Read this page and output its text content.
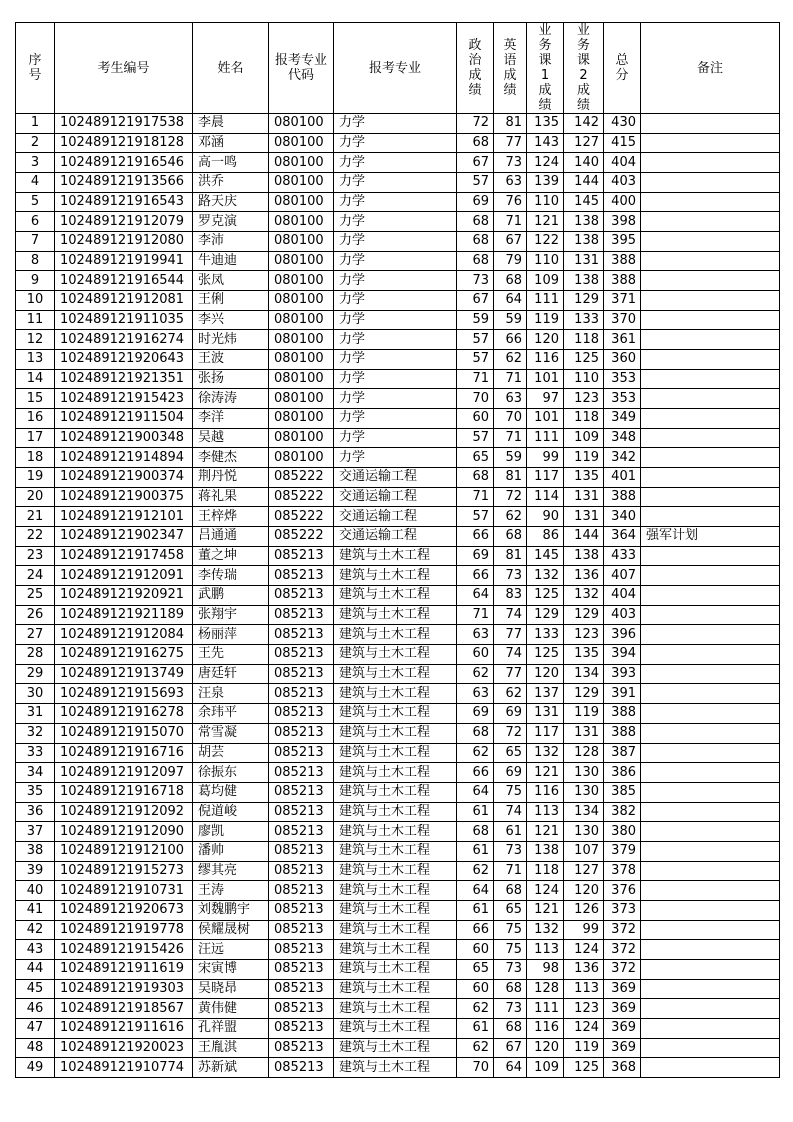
序号	考生编号	姓名	报考专业代码	报考专业	政治成绩	英语成绩	业务课1成绩	业务课2成绩	总分	备注
1	102489121917538	李晨	080100	力学	72	81	135	142	430	
2	102489121918128	邓涵	080100	力学	68	77	143	127	415	
3	102489121916546	高一鸣	080100	力学	67	73	124	140	404	
4	102489121913566	洪乔	080100	力学	57	63	139	144	403	
5	102489121916543	路天庆	080100	力学	69	76	110	145	400	
6	102489121912079	罗克演	080100	力学	68	71	121	138	398	
7	102489121912080	李沛	080100	力学	68	67	122	138	395	
8	102489121919941	牛迪迪	080100	力学	68	79	110	131	388	
9	102489121916544	张凤	080100	力学	73	68	109	138	388	
10	102489121912081	王俐	080100	力学	67	64	111	129	371	
11	102489121911035	李兴	080100	力学	59	59	119	133	370	
12	102489121916274	时光炜	080100	力学	57	66	120	118	361	
13	102489121920643	王波	080100	力学	57	62	116	125	360	
14	102489121921351	张扬	080100	力学	71	71	101	110	353	
15	102489121915423	徐涛涛	080100	力学	70	63	97	123	353	
16	102489121911504	李洋	080100	力学	60	70	101	118	349	
17	102489121900348	吴越	080100	力学	57	71	111	109	348	
18	102489121914894	李健杰	080100	力学	65	59	99	119	342	
19	102489121900374	荆丹悦	085222	交通运输工程	68	81	117	135	401	
20	102489121900375	蒋礼果	085222	交通运输工程	71	72	114	131	388	
21	102489121912101	王梓烨	085222	交通运输工程	57	62	90	131	340	
22	102489121902347	吕通通	085222	交通运输工程	66	68	86	144	364	强军计划
23	102489121917458	董之坤	085213	建筑与土木工程	69	81	145	138	433	
24	102489121912091	李传瑞	085213	建筑与土木工程	66	73	132	136	407	
25	102489121920921	武鹏	085213	建筑与土木工程	64	83	125	132	404	
26	102489121921189	张翔宇	085213	建筑与土木工程	71	74	129	129	403	
27	102489121912084	杨丽萍	085213	建筑与土木工程	63	77	133	123	396	
28	102489121916275	王先	085213	建筑与土木工程	60	74	125	135	394	
29	102489121913749	唐廷轩	085213	建筑与土木工程	62	77	120	134	393	
30	102489121915693	汪泉	085213	建筑与土木工程	63	62	137	129	391	
31	102489121916278	余玮平	085213	建筑与土木工程	69	69	131	119	388	
32	102489121915070	常雪凝	085213	建筑与土木工程	68	72	117	131	388	
33	102489121916716	胡芸	085213	建筑与土木工程	62	65	132	128	387	
34	102489121912097	徐振东	085213	建筑与土木工程	66	69	121	130	386	
35	102489121916718	葛均健	085213	建筑与土木工程	64	75	116	130	385	
36	102489121912092	倪道峻	085213	建筑与土木工程	61	74	113	134	382	
37	102489121912090	廖凯	085213	建筑与土木工程	68	61	121	130	380	
38	102489121912100	潘帅	085213	建筑与土木工程	61	73	138	107	379	
39	102489121915273	缪其亮	085213	建筑与土木工程	62	71	118	127	378	
40	102489121910731	王涛	085213	建筑与土木工程	64	68	124	120	376	
41	102489121920673	刘魏鹏宇	085213	建筑与土木工程	61	65	121	126	373	
42	102489121919778	侯耀晟树	085213	建筑与土木工程	66	75	132	99	372	
43	102489121915426	汪远	085213	建筑与土木工程	60	75	113	124	372	
44	102489121911619	宋寅博	085213	建筑与土木工程	65	73	98	136	372	
45	102489121919303	吴晓昂	085213	建筑与土木工程	60	68	128	113	369	
46	102489121918567	黄伟健	085213	建筑与土木工程	62	73	111	123	369	
47	102489121911616	孔祥盟	085213	建筑与土木工程	61	68	116	124	369	
48	102489121920023	王胤淇	085213	建筑与土木工程	62	67	120	119	369	
49	102489121910774	苏新斌	085213	建筑与土木工程	70	64	109	125	368	
